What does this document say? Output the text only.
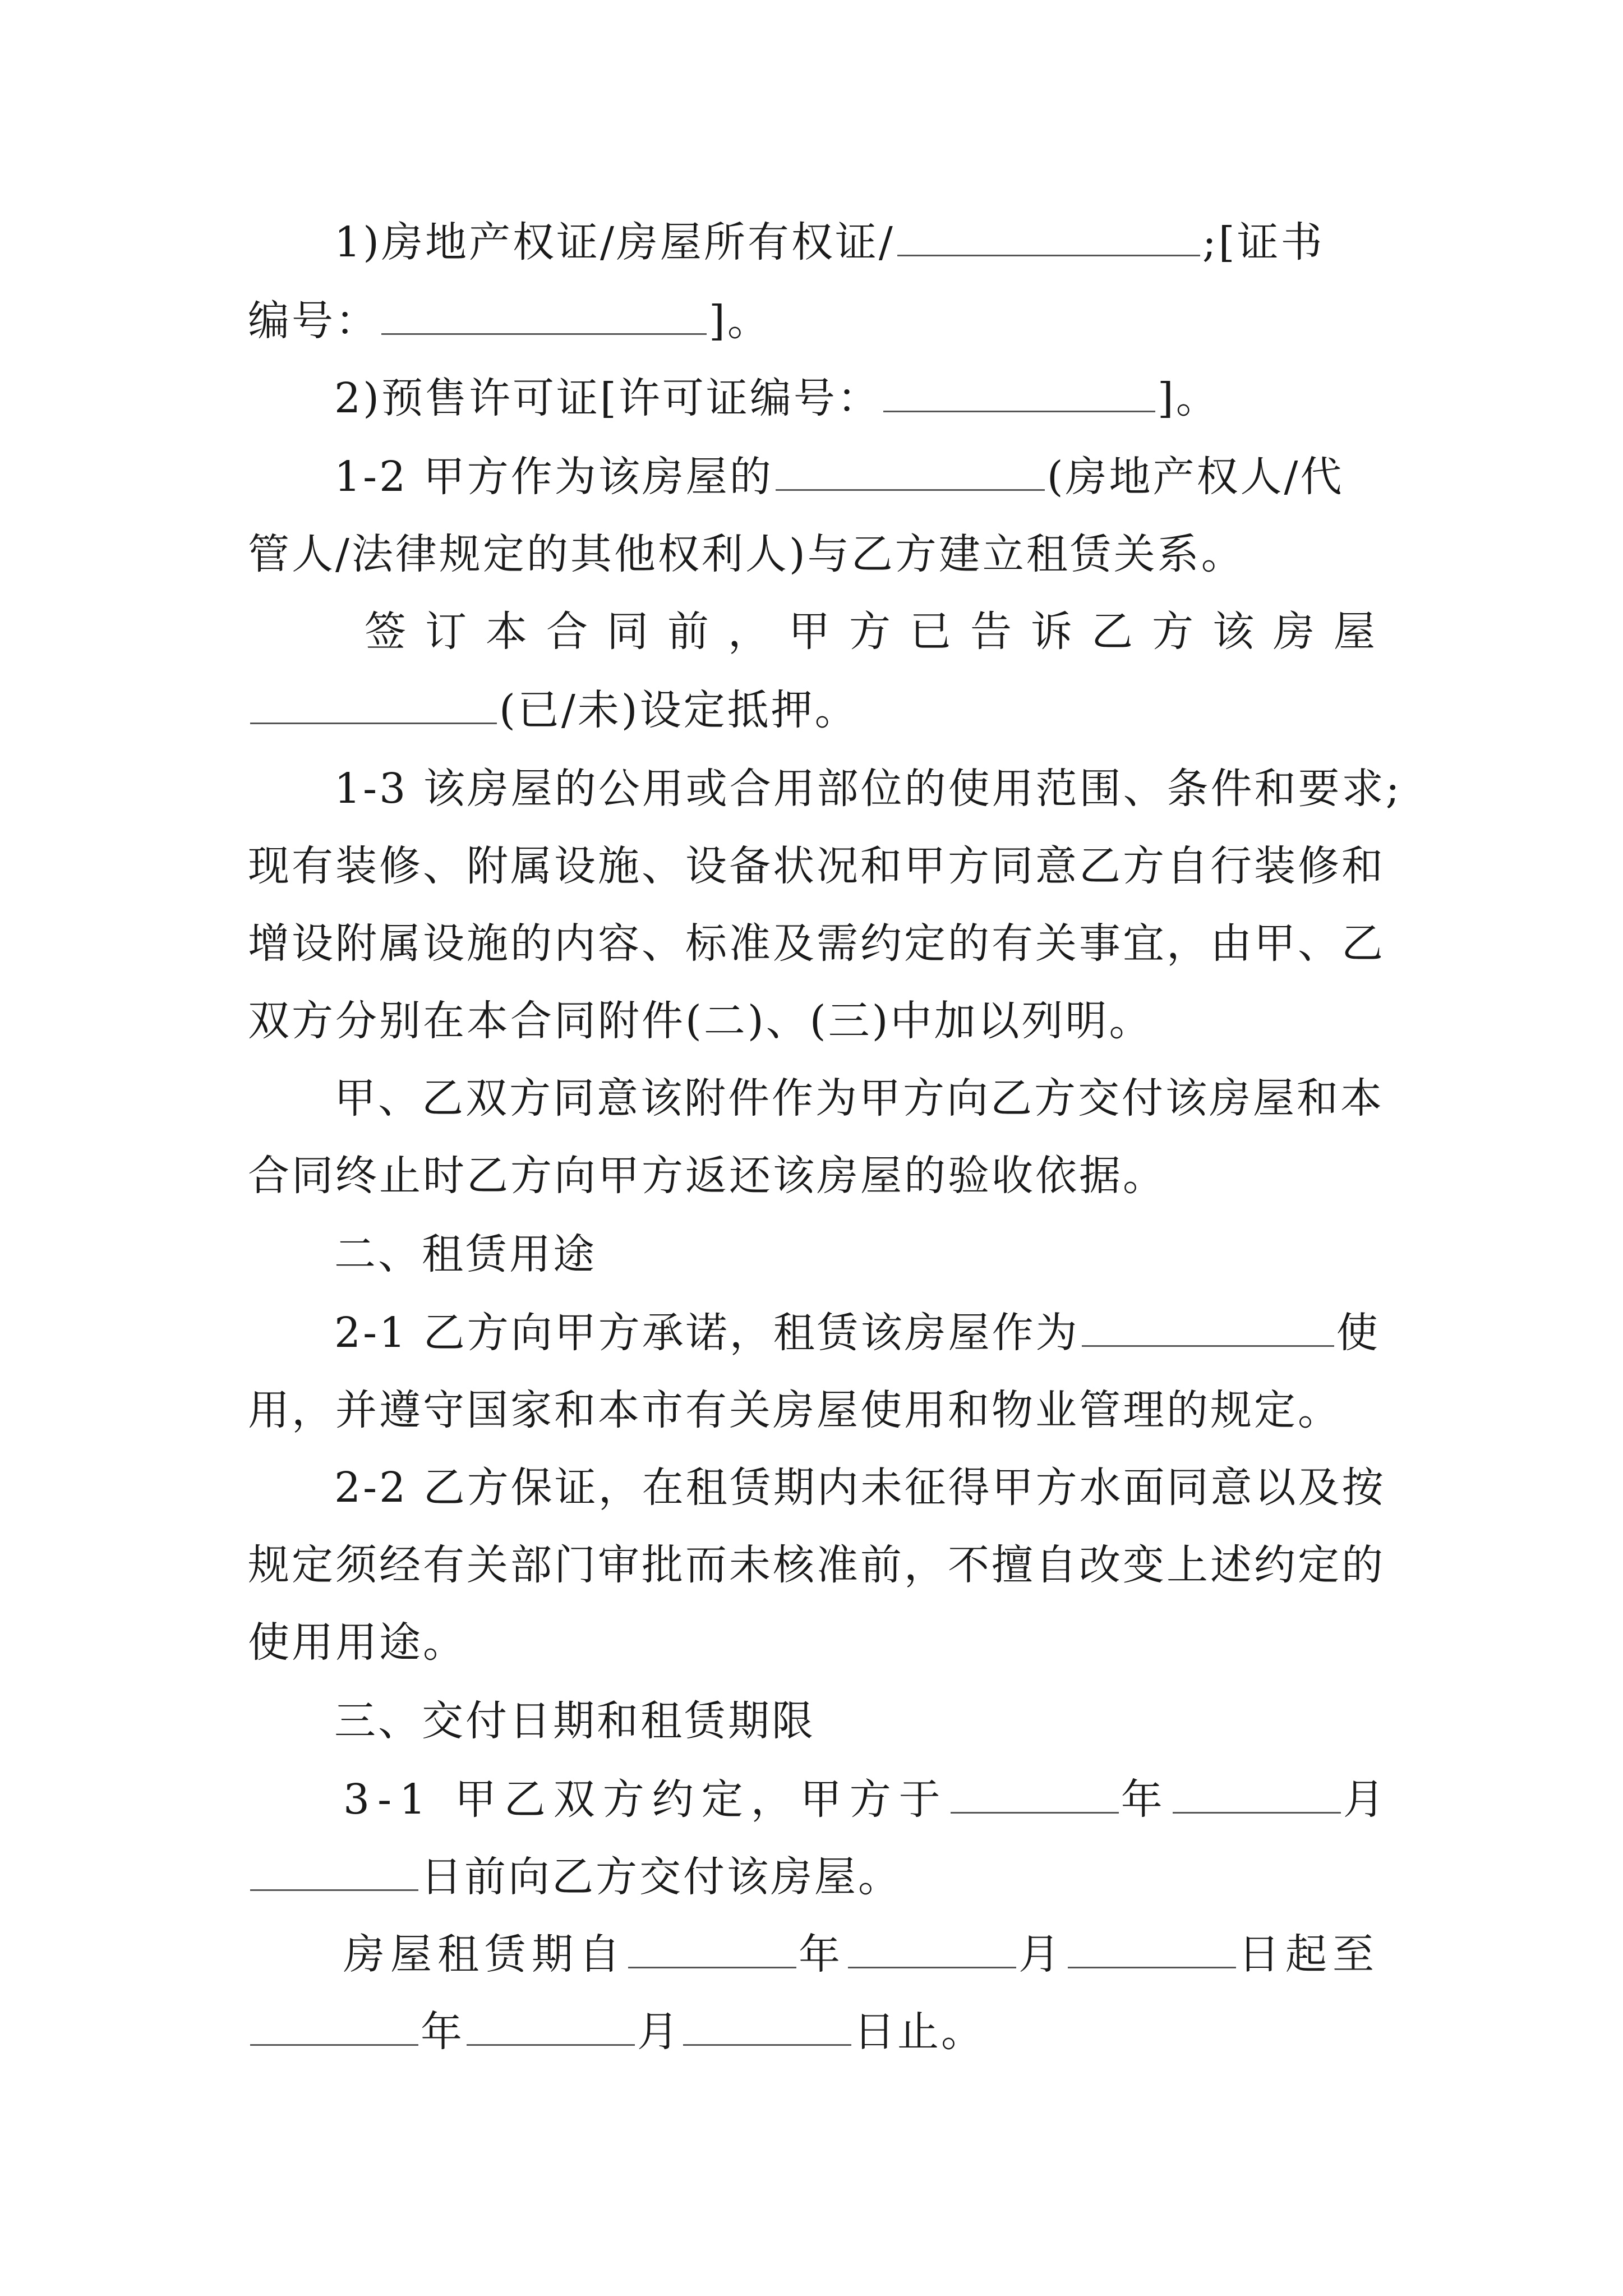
1)房地产权证/房屋所有权证/	;[证书
编号：	]。
2)预售许可证[许可证编号：	]。
1-2 甲方作为该房屋的	(房地产权人/代
管人/法律规定的其他权利人)与乙方建立租赁关系。
签订本合同前，甲方已告诉乙方该房屋
(已/未)设定抵押。
1-3 该房屋的公用或合用部位的使用范围、条件和要求;
现有装修、附属设施、设备状况和甲方同意乙方自行装修和
增设附属设施的内容、标准及需约定的有关事宜，由甲、乙
双方分别在本合同附件(二)、(三)中加以列明。
甲、乙双方同意该附件作为甲方向乙方交付该房屋和本
合同终止时乙方向甲方返还该房屋的验收依据。
二、租赁用途
2-1 乙方向甲方承诺，租赁该房屋作为	使
用，并遵守国家和本市有关房屋使用和物业管理的规定。
2-2 乙方保证，在租赁期内未征得甲方水面同意以及按
规定须经有关部门审批而未核准前，不擅自改变上述约定的
使用用途。
三、交付日期和租赁期限
3-1 甲乙双方约定，甲方于	年	月
日前向乙方交付该房屋。
房屋租赁期自	年	月	日起至
年	月	日止。
